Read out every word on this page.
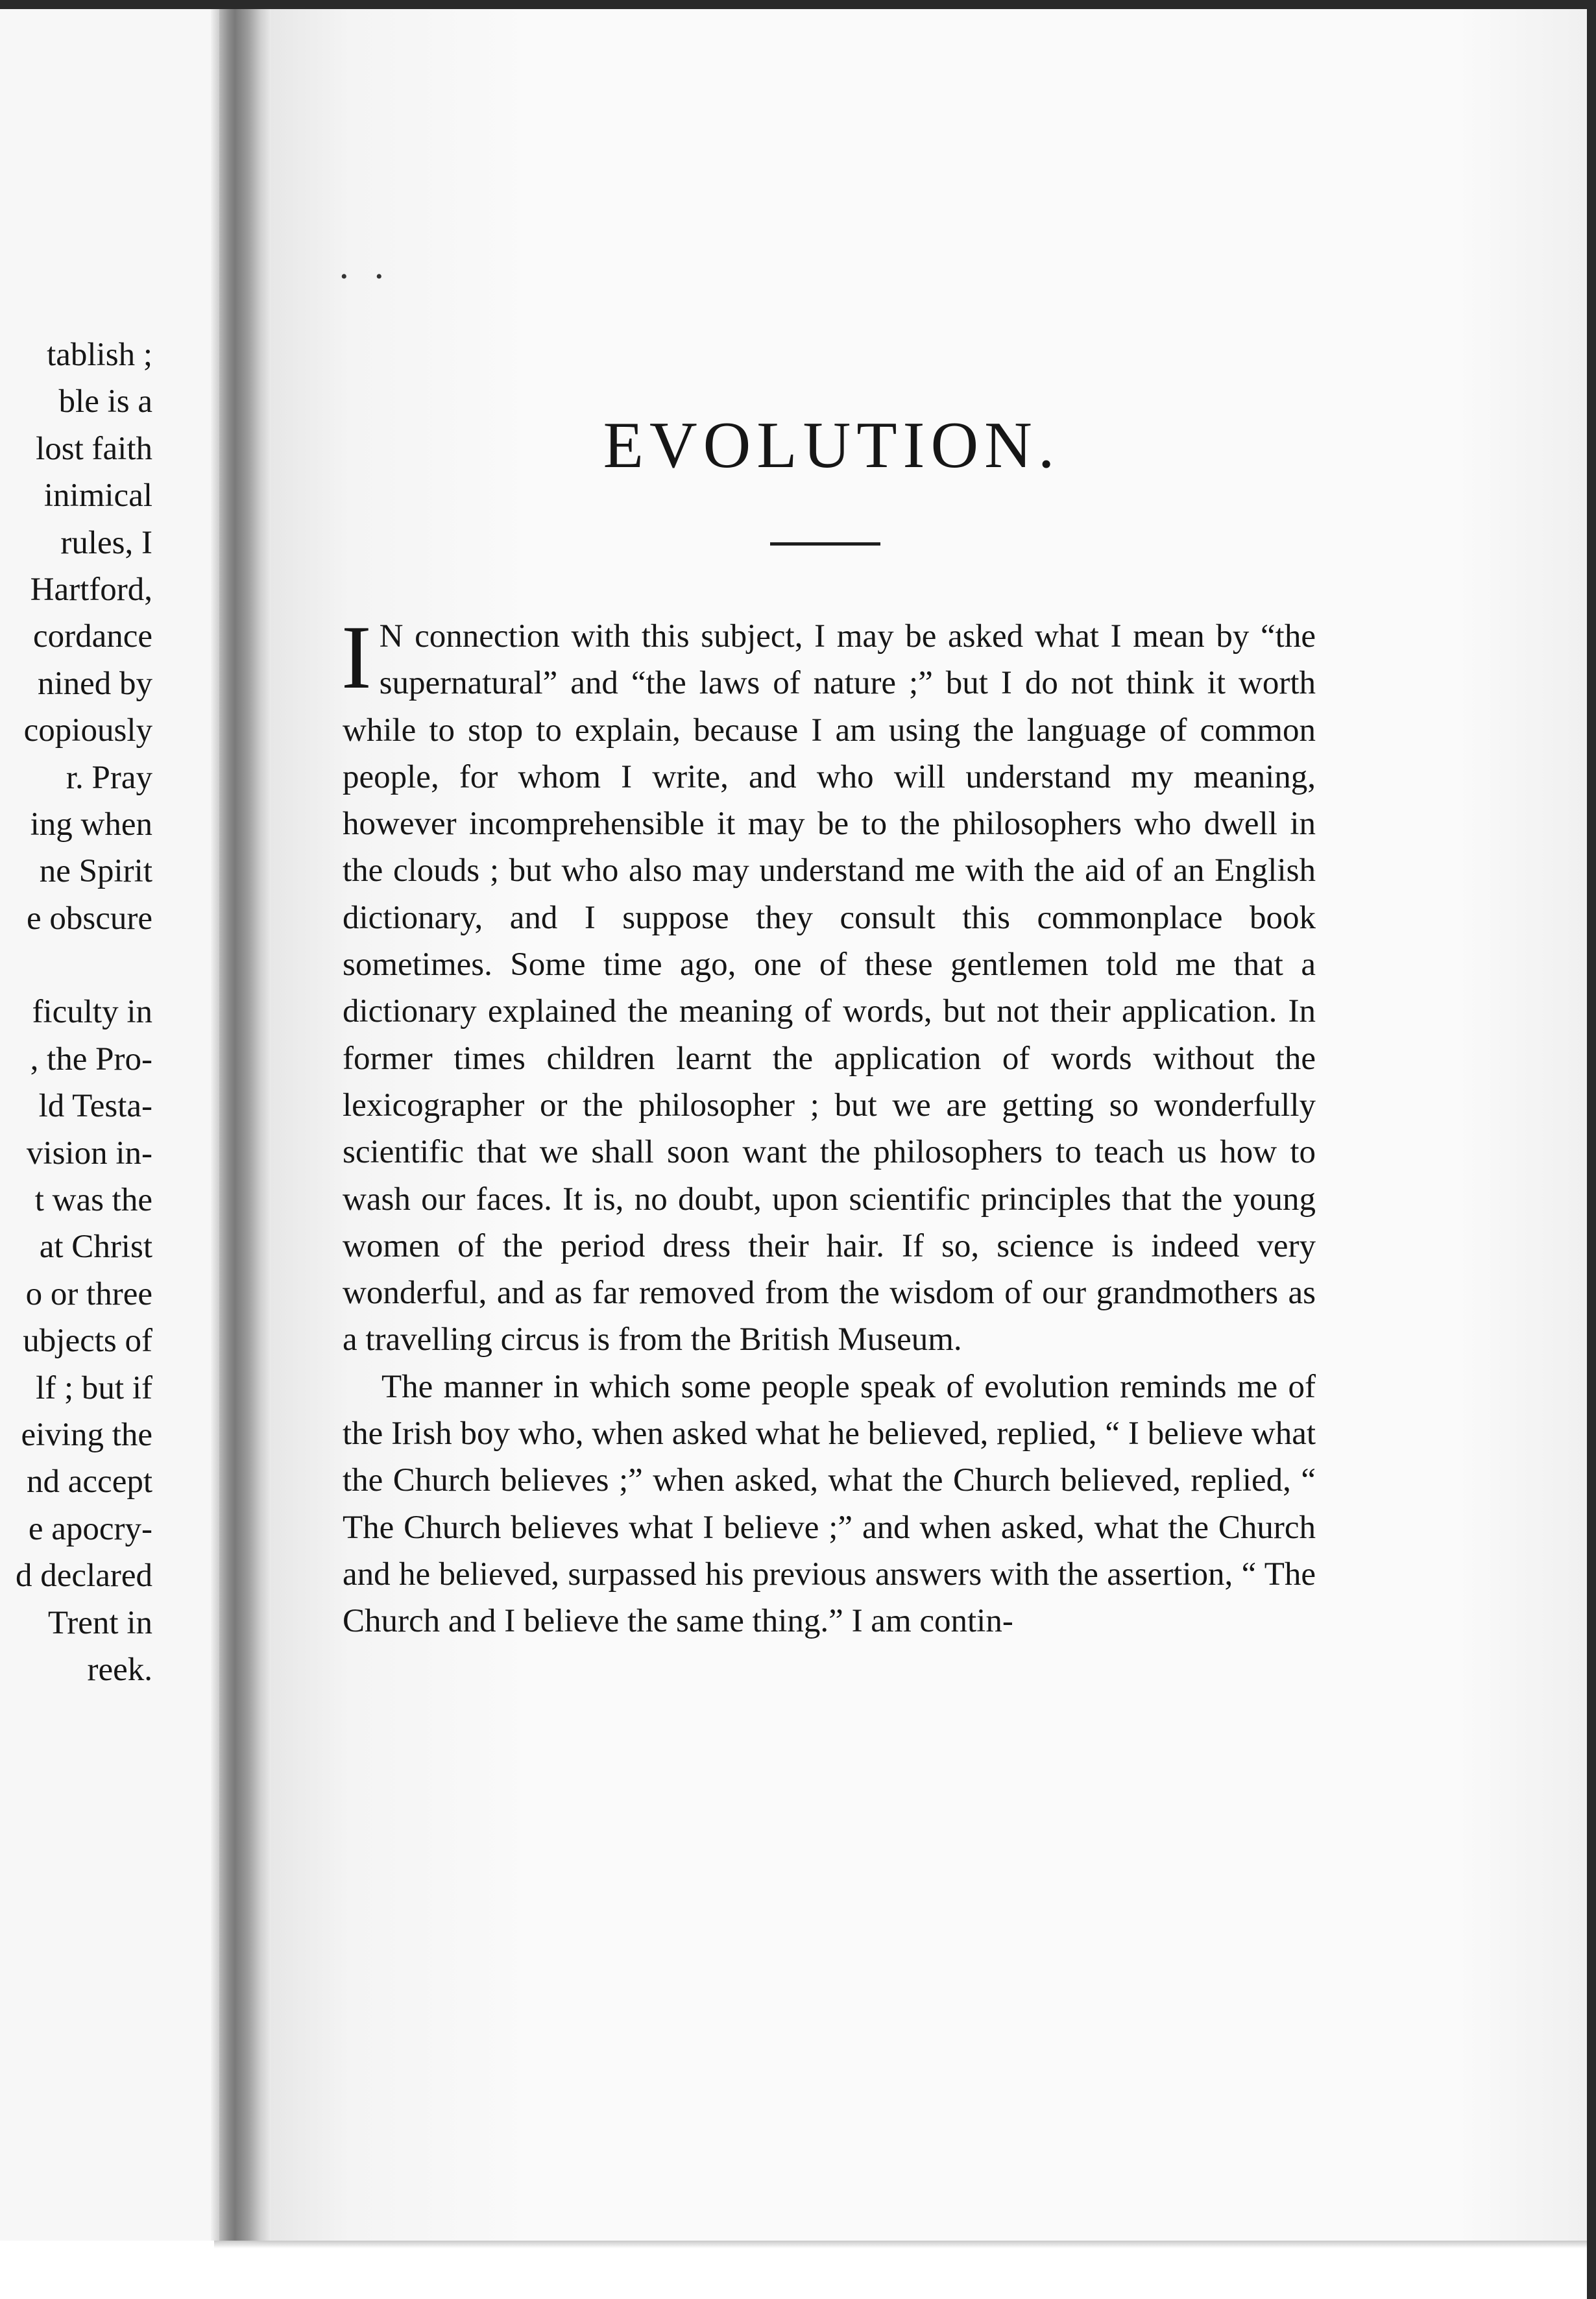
tablish ;
ble is a
lost faith
inimical
rules, I
Hartford,
cordance
nined by
copiously
r. Pray
ing when
ne Spirit
e obscure
ficulty in
, the Pro-
ld Testa-
vision in-
t was the
at Christ
o or three
ubjects of
lf ; but if
eiving the
nd accept
e apocry-
d declared
Trent in
reek.
• •
EVOLUTION.

I N connection with this subject, I may be asked what I mean by “the supernatural” and “the laws of nature ;” but I do not think it worth while to stop to explain, because I am using the language of common people, for whom I write, and who will understand my meaning, however incomprehensible it may be to the philosophers who dwell in the clouds ; but who also may understand me with the aid of an English dictionary, and I suppose they consult this commonplace book sometimes. Some time ago, one of these gentlemen told me that a dictionary explained the meaning of words, but not their application. In former times children learnt the application of words without the lexicographer or the philosopher ; but we are getting so wonderfully scientific that we shall soon want the philosophers to teach us how to wash our faces. It is, no doubt, upon scientific principles that the young women of the period dress their hair. If so, science is indeed very wonderful, and as far removed from the wisdom of our grandmothers as a travelling circus is from the British Museum.

The manner in which some people speak of evolution reminds me of the Irish boy who, when asked what he believed, replied, “ I believe what the Church believes ;” when asked, what the Church believed, replied, “ The Church believes what I believe ;” and when asked, what the Church and he believed, surpassed his previous answers with the assertion, “ The Church and I believe the same thing.” I am contin-
